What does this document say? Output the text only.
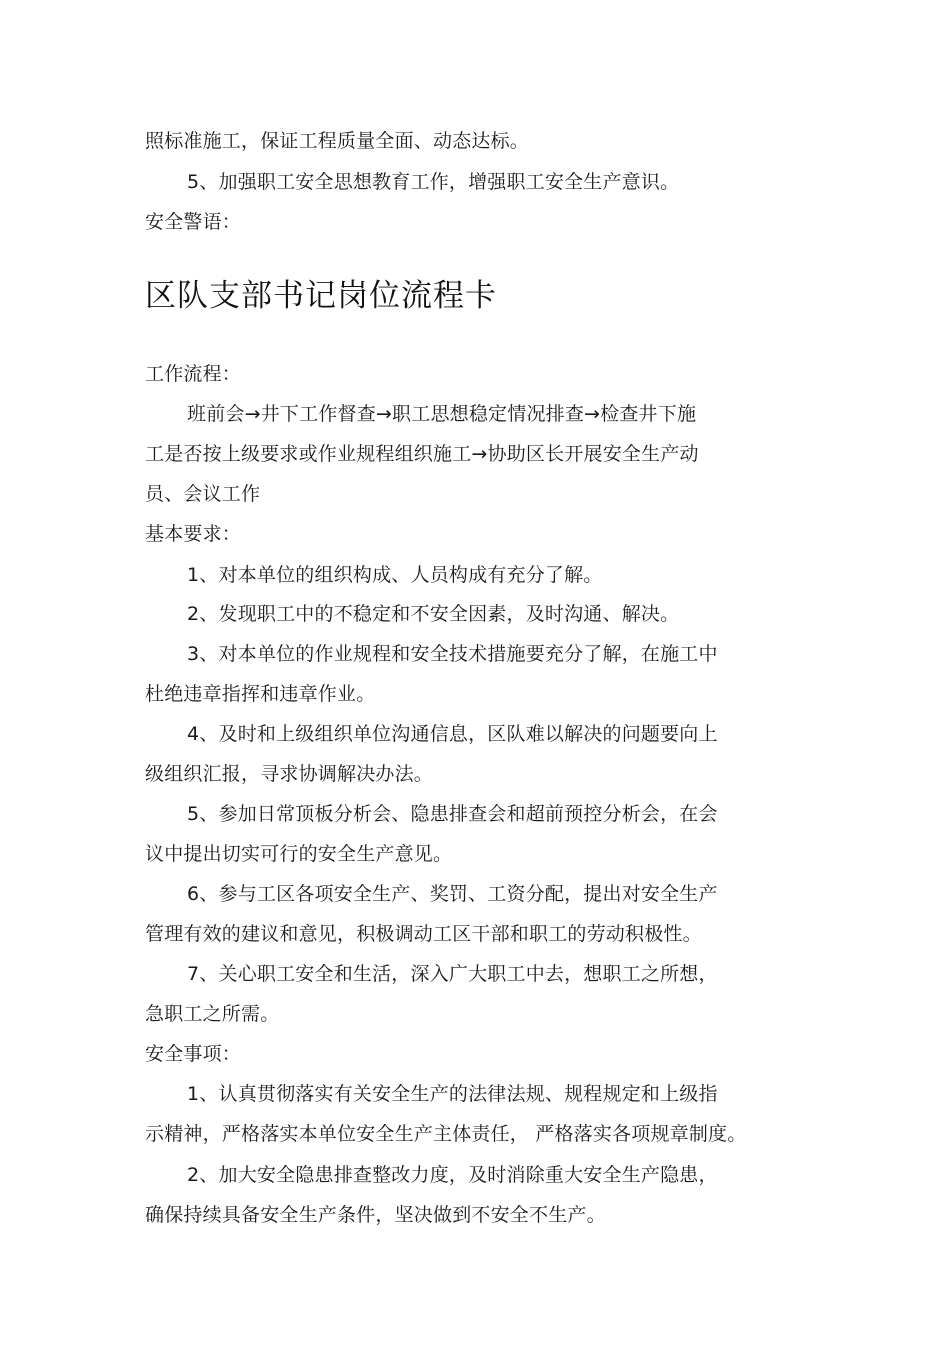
照标准施工，保证工程质量全面、动态达标。
5、加强职工安全思想教育工作，增强职工安全生产意识。
安全警语：
区队支部书记岗位流程卡
工作流程：
班前会→井下工作督查→职工思想稳定情况排查→检查井下施
工是否按上级要求或作业规程组织施工→协助区长开展安全生产动
员、会议工作
基本要求：
1、对本单位的组织构成、人员构成有充分了解。
2、发现职工中的不稳定和不安全因素，及时沟通、解决。
3、对本单位的作业规程和安全技术措施要充分了解，在施工中
杜绝违章指挥和违章作业。
4、及时和上级组织单位沟通信息，区队难以解决的问题要向上
级组织汇报，寻求协调解决办法。
5、参加日常顶板分析会、隐患排查会和超前预控分析会，在会
议中提出切实可行的安全生产意见。
6、参与工区各项安全生产、奖罚、工资分配，提出对安全生产
管理有效的建议和意见，积极调动工区干部和职工的劳动积极性。
7、关心职工安全和生活，深入广大职工中去，想职工之所想，
急职工之所需。
安全事项：
1、认真贯彻落实有关安全生产的法律法规、规程规定和上级指
示精神，严格落实本单位安全生产主体责任， 严格落实各项规章制度。
2、加大安全隐患排查整改力度，及时消除重大安全生产隐患，
确保持续具备安全生产条件，坚决做到不安全不生产。
